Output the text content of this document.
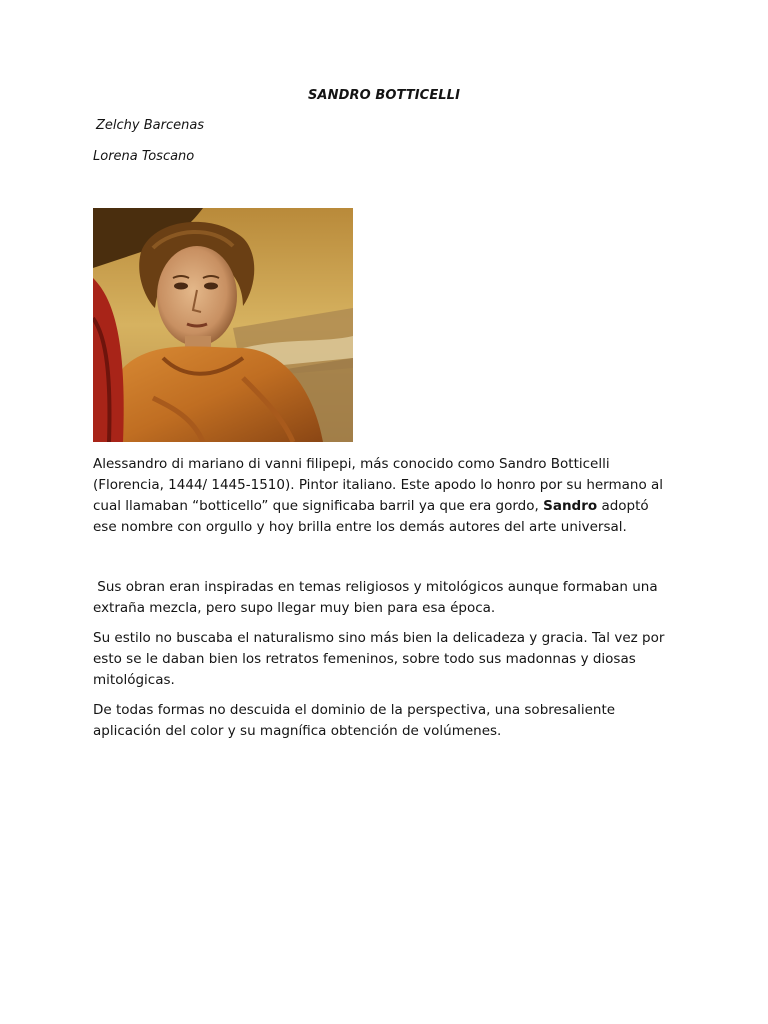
SANDRO BOTTICELLI
Zelchy Barcenas
Lorena Toscano

Alessandro di mariano di vanni filipepi, más conocido como Sandro Botticelli (Florencia, 1444/ 1445-1510). Pintor italiano. Este apodo lo honro por su hermano al cual llamaban “botticello” que significaba barril ya que era gordo, Sandro adoptó ese nombre con orgullo y hoy brilla entre los demás autores del arte universal.

Sus obran eran inspiradas en temas religiosos y mitológicos aunque formaban una extraña mezcla, pero supo llegar muy bien para esa época.

Su estilo no buscaba el naturalismo sino más bien la delicadeza y gracia. Tal vez por esto se le daban bien los retratos femeninos, sobre todo sus madonnas y diosas mitológicas.

De todas formas no descuida el dominio de la perspectiva, una sobresaliente aplicación del color y su magnífica obtención de volúmenes.
